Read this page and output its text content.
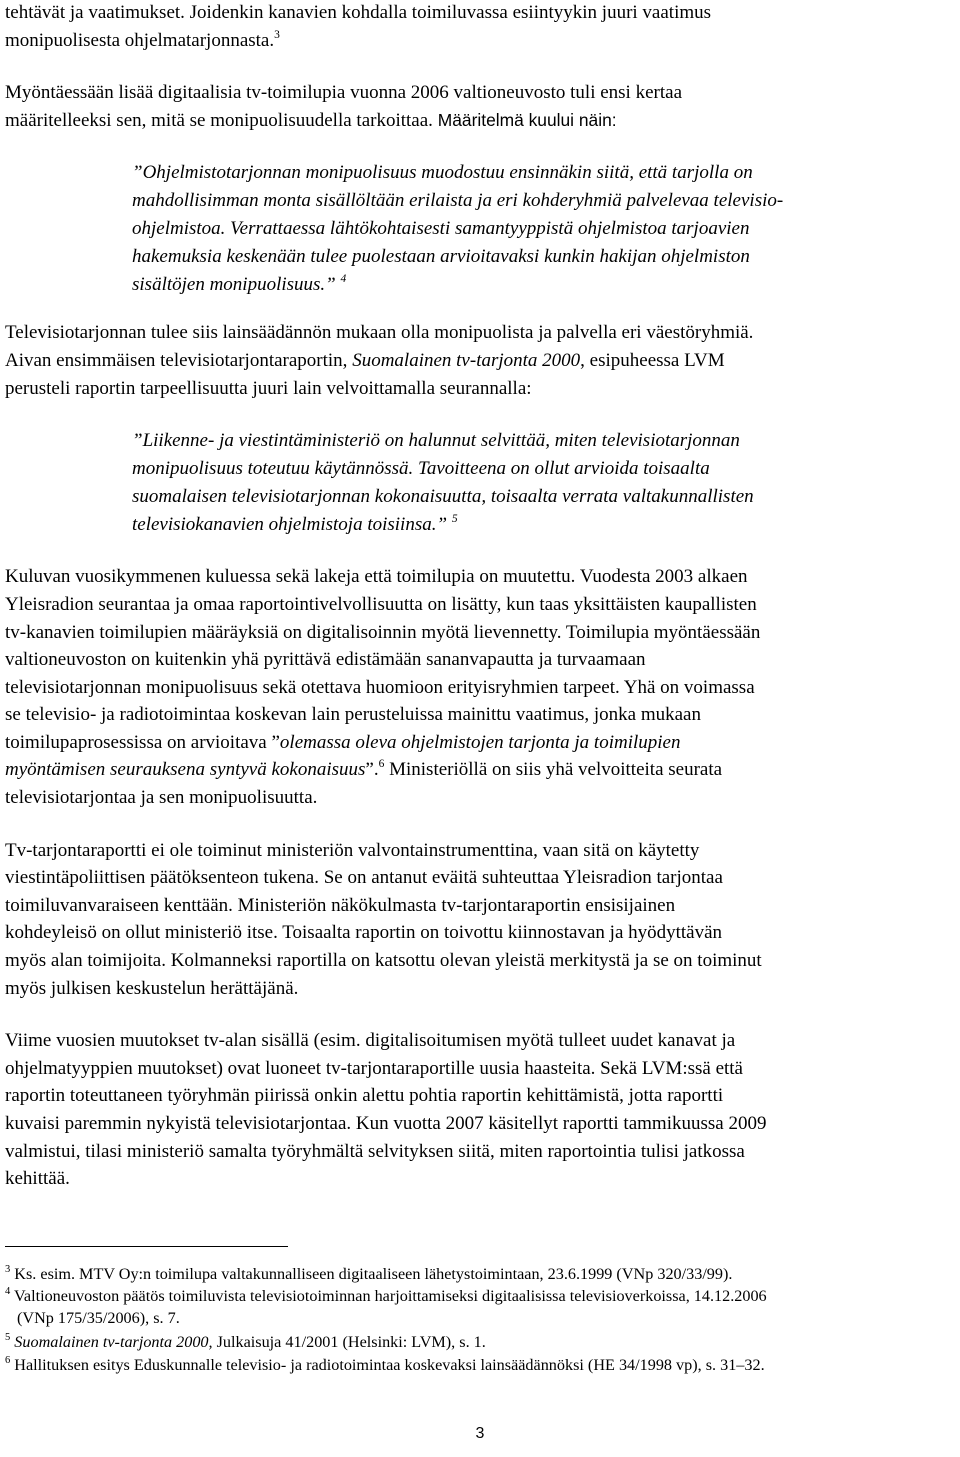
tehtävät ja vaatimukset. Joidenkin kanavien kohdalla toimiluvassa esiintyykin juuri vaatimus
monipuolisesta ohjelmatarjonnasta.$^3$
Myöntäessään lisää digitaalisia tv-toimilupia vuonna 2006 valtioneuvosto tuli ensi kertaa
määritelleeksi sen, mitä se monipuolisuudella tarkoittaa. Määritelmä kuului näin:
”Ohjelmistotarjonnan monipuolisuus muodostuu ensinnäkin siitä, että tarjolla on
mahdollisimman monta sisällöltään erilaista ja eri kohderyhmiä palvelevaa televisio-
ohjelmistoa. Verrattaessa lähtökohtaisesti samantyyppistä ohjelmistoa tarjoavien
hakemuksia keskenään tulee puolestaan arvioitavaksi kunkin hakijan ohjelmiston
sisältöjen monipuolisuus.” $^4$
Televisiotarjonnan tulee siis lainsäädännön mukaan olla monipuolista ja palvella eri väestöryhmiä.
Aivan ensimmäisen televisiotarjontaraportin, Suomalainen tv-tarjonta 2000, esipuheessa LVM
perusteli raportin tarpeellisuutta juuri lain velvoittamalla seurannalla:
”Liikenne- ja viestintäministeriö on halunnut selvittää, miten televisiotarjonnan
monipuolisuus toteutuu käytännössä. Tavoitteena on ollut arvioida toisaalta
suomalaisen televisiotarjonnan kokonaisuutta, toisaalta verrata valtakunnallisten
televisiokanavien ohjelmistoja toisiinsa.” $^5$
Kuluvan vuosikymmenen kuluessa sekä lakeja että toimilupia on muutettu. Vuodesta 2003 alkaen
Yleisradion seurantaa ja omaa raportointivelvollisuutta on lisätty, kun taas yksittäisten kaupallisten
tv-kanavien toimilupien määräyksiä on digitalisoinnin myötä lievennetty. Toimilupia myöntäessään
valtioneuvoston on kuitenkin yhä pyrittävä edistämään sananvapautta ja turvaamaan
televisiotarjonnan monipuolisuus sekä otettava huomioon erityisryhmien tarpeet. Yhä on voimassa
se televisio- ja radiotoimintaa koskevan lain perusteluissa mainittu vaatimus, jonka mukaan
toimilupaprosessissa on arvioitava ”olemassa oleva ohjelmistojen tarjonta ja toimilupien
myöntämisen seurauksena syntyvä kokonaisuus”.$^6$ Ministeriöllä on siis yhä velvoitteita seurata
televisiotarjontaa ja sen monipuolisuutta.
Tv-tarjontaraportti ei ole toiminut ministeriön valvontainstrumenttina, vaan sitä on käytetty
viestintäpoliittisen päätöksenteon tukena. Se on antanut eväitä suhteuttaa Yleisradion tarjontaa
toimiluvanvaraiseen kenttään. Ministeriön näkökulmasta tv-tarjontaraportin ensisijainen
kohdeyleisö on ollut ministeriö itse. Toisaalta raportin on toivottu kiinnostavan ja hyödyttävän
myös alan toimijoita. Kolmanneksi raportilla on katsottu olevan yleistä merkitystä ja se on toiminut
myös julkisen keskustelun herättäjänä.
Viime vuosien muutokset tv-alan sisällä (esim. digitalisoitumisen myötä tulleet uudet kanavat ja
ohjelmatyyppien muutokset) ovat luoneet tv-tarjontaraportille uusia haasteita. Sekä LVM:ssä että
raportin toteuttaneen työryhmän piirissä onkin alettu pohtia raportin kehittämistä, jotta raportti
kuvaisi paremmin nykyistä televisiotarjontaa. Kun vuotta 2007 käsitellyt raportti tammikuussa 2009
valmistui, tilasi ministeriö samalta työryhmältä selvityksen siitä, miten raportointia tulisi jatkossa
kehittää.
$^3$ Ks. esim. MTV Oy:n toimilupa valtakunnalliseen digitaaliseen lähetystoimintaan, 23.6.1999 (VNp 320/33/99).
$^4$ Valtioneuvoston päätös toimiluvista televisiotoiminnan harjoittamiseksi digitaalisissa televisioverkoissa, 14.12.2006
(VNp 175/35/2006), s. 7.
$^5$ Suomalainen tv-tarjonta 2000, Julkaisuja 41/2001 (Helsinki: LVM), s. 1.
$^6$ Hallituksen esitys Eduskunnalle televisio- ja radiotoimintaa koskevaksi lainsäädännöksi (HE 34/1998 vp), s. 31–32.
3
